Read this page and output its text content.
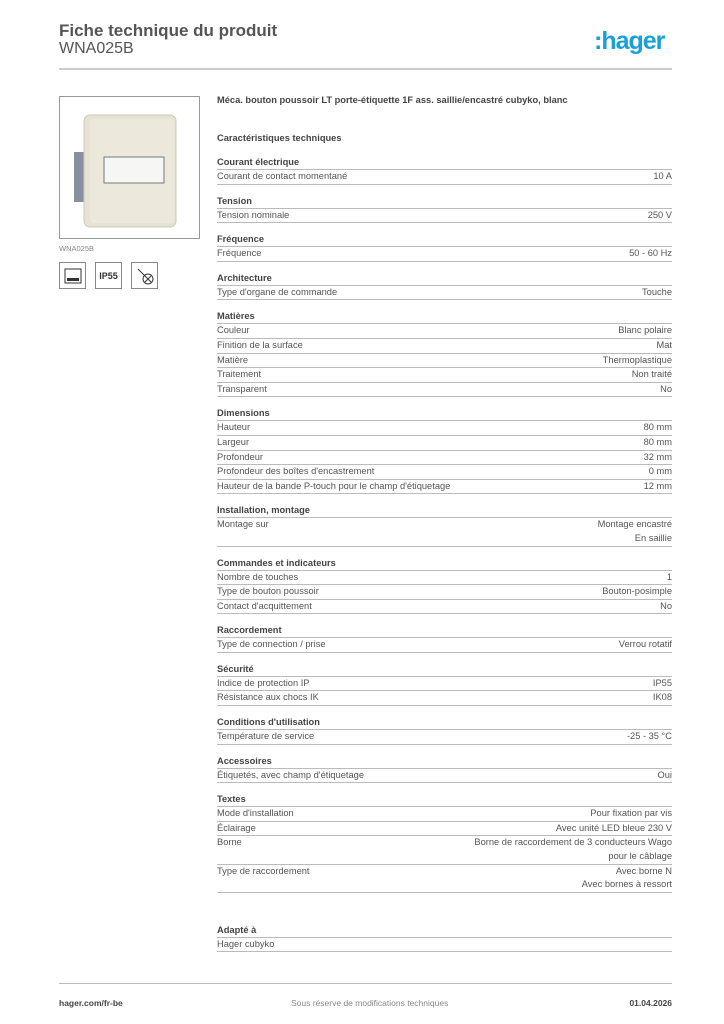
Fiche technique du produit
WNA025B	:hager
WNA025B
IP55
Méca. bouton poussoir LT porte-étiquette 1F ass. saillie/encastré cubyko, blanc
Caractéristiques techniques
Courant électrique
Courant de contact momentané	10 A
Tension
Tension nominale	250 V
Fréquence
Fréquence	50 - 60 Hz
Architecture
Type d'organe de commande	Touche
Matières
Couleur	Blanc polaire
Finition de la surface	Mat
Matière	Thermoplastique
Traitement	Non traité
Transparent	No
Dimensions
Hauteur	80 mm
Largeur	80 mm
Profondeur	32 mm
Profondeur des boîtes d'encastrement	0 mm
Hauteur de la bande P-touch pour le champ d'étiquetage	12 mm
Installation, montage
Montage sur	Montage encastré
En saillie
Commandes et indicateurs
Nombre de touches	1
Type de bouton poussoir	Bouton-posimple
Contact d'acquittement	No
Raccordement
Type de connection / prise	Verrou rotatif
Sécurité
Indice de protection IP	IP55
Résistance aux chocs IK	IK08
Conditions d'utilisation
Température de service	-25 - 35 °C
Accessoires
Étiquetés, avec champ d'étiquetage	Oui
Textes
Mode d'installation	Pour fixation par vis
Éclairage	Avec unité LED bleue 230 V
Borne	Borne de raccordement de 3 conducteurs Wago
pour le câblage
Type de raccordement	Avec borne N
Avec bornes à ressort
Adapté à
Hager cubyko
hager.com/fr-be	Sous réserve de modifications techniques	01.04.2026
